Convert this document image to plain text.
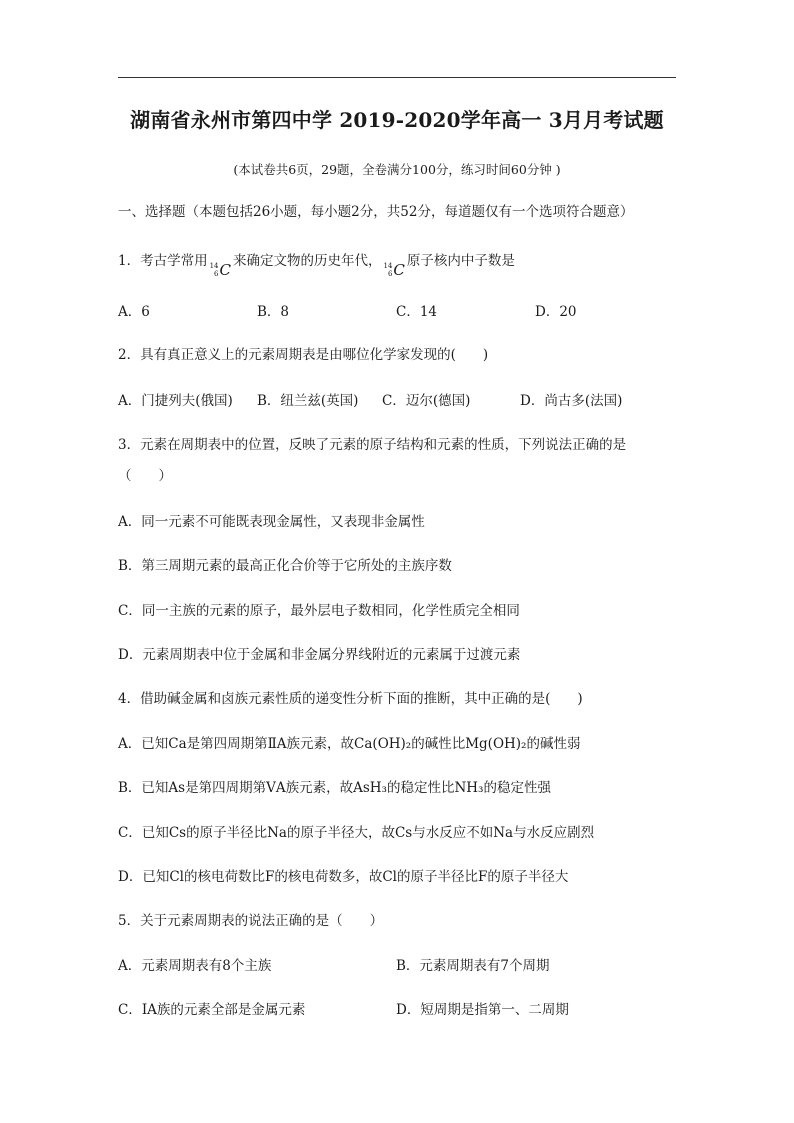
湖南省永州市第四中学 2019-2020学年高一 3月月考试题
(本试卷共6页，29题，全卷满分100分，练习时间60分钟 )
一、选择题（本题包括26小题，每小题2分，共52分，每道题仅有一个选项符合题意）
1．考古学常用 14
6 C 来确定文物的历史年代， 14
6 C 原子核内中子数是
A．6	B．8	C．14	D．20
2．具有真正意义上的元素周期表是由哪位化学家发现的(　　)
A．门捷列夫(俄国) B．纽兰兹(英国) C．迈尔(德国)	D．尚古多(法国)
3．元素在周期表中的位置，反映了元素的原子结构和元素的性质，下列说法正确的是
（　　）
A．同一元素不可能既表现金属性，又表现非金属性
B．第三周期元素的最高正化合价等于它所处的主族序数
C．同一主族的元素的原子，最外层电子数相同，化学性质完全相同
D．元素周期表中位于金属和非金属分界线附近的元素属于过渡元素
4．借助碱金属和卤族元素性质的递变性分析下面的推断，其中正确的是(　　)
A．已知Ca是第四周期第ⅡA族元素，故Ca(OH)₂的碱性比Mg(OH)₂的碱性弱
B．已知As是第四周期第ⅤA族元素，故AsH₃的稳定性比NH₃的稳定性强
C．已知Cs的原子半径比Na的原子半径大，故Cs与水反应不如Na与水反应剧烈
D．已知Cl的核电荷数比F的核电荷数多，故Cl的原子半径比F的原子半径大
5．关于元素周期表的说法正确的是（　　）
A．元素周期表有8个主族	B．元素周期表有7个周期
C．ⅠA族的元素全部是金属元素	D．短周期是指第一、二周期
